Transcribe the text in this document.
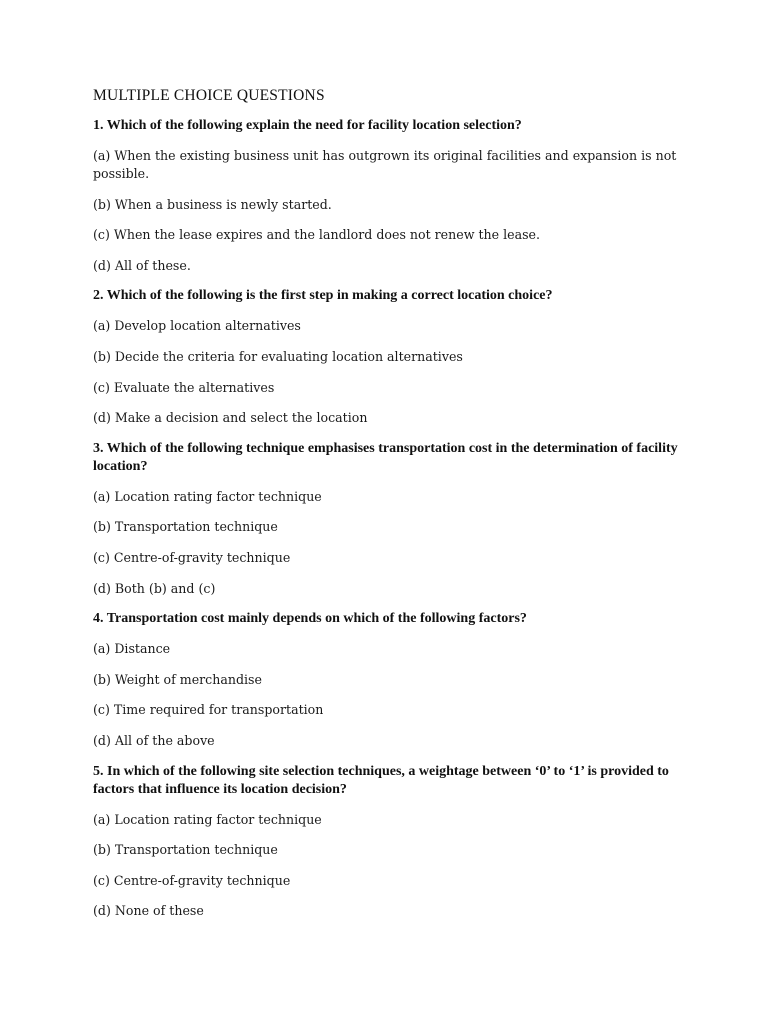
MULTIPLE CHOICE QUESTIONS
1. Which of the following explain the need for facility location selection?
(a) When the existing business unit has outgrown its original facilities and expansion is not possible.
(b) When a business is newly started.
(c) When the lease expires and the landlord does not renew the lease.
(d) All of these.
2. Which of the following is the first step in making a correct location choice?
(a) Develop location alternatives
(b) Decide the criteria for evaluating location alternatives
(c) Evaluate the alternatives
(d) Make a decision and select the location
3. Which of the following technique emphasises transportation cost in the determination of facility location?
(a) Location rating factor technique
(b) Transportation technique
(c) Centre-of-gravity technique
(d) Both (b) and (c)
4. Transportation cost mainly depends on which of the following factors?
(a) Distance
(b) Weight of merchandise
(c) Time required for transportation
(d) All of the above
5. In which of the following site selection techniques, a weightage between ‘0’ to ‘1’ is provided to factors that influence its location decision?
(a) Location rating factor technique
(b) Transportation technique
(c) Centre-of-gravity technique
(d) None of these
